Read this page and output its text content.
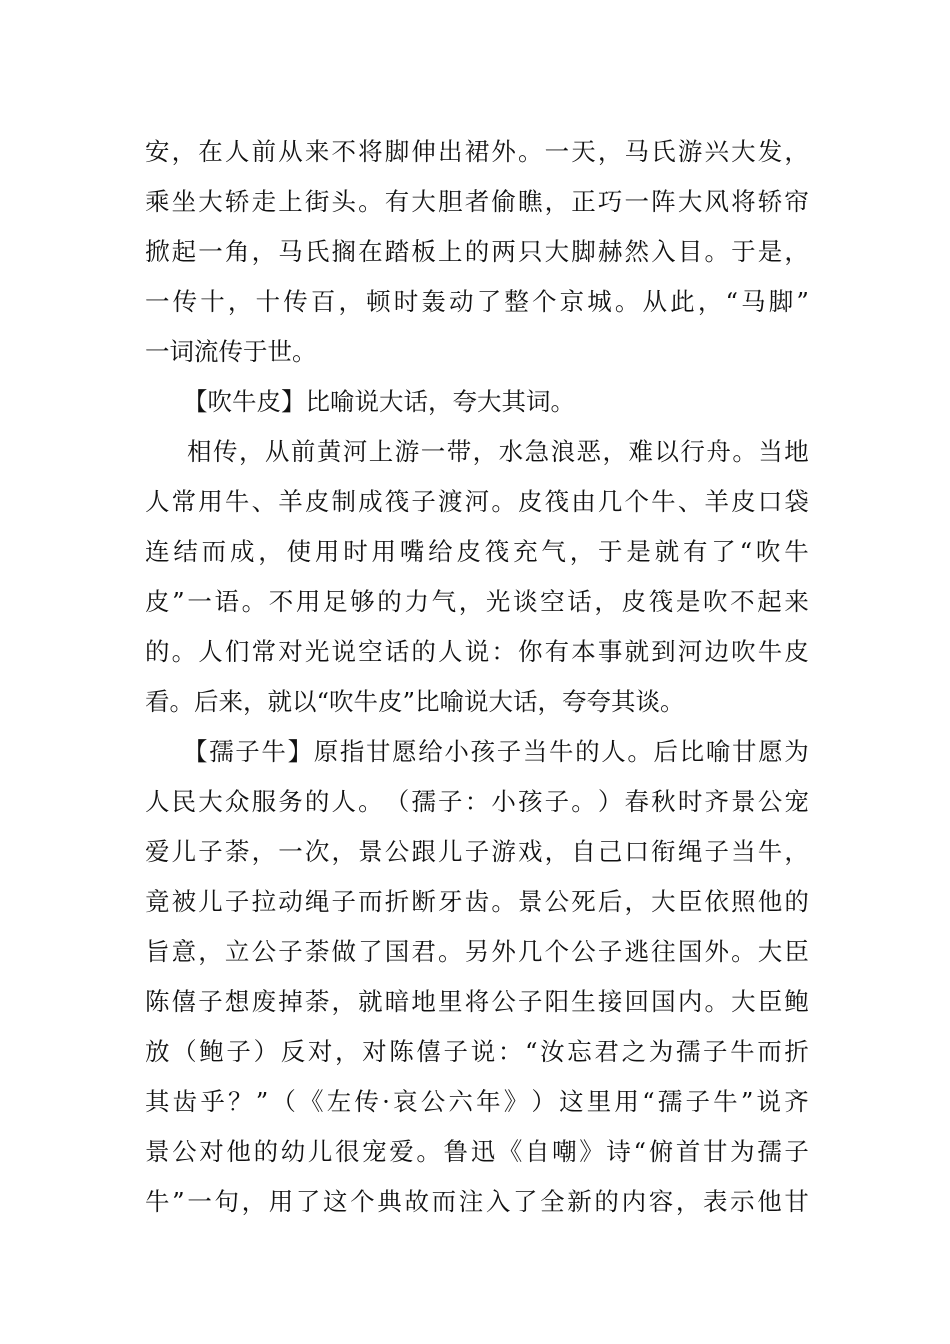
安 ， 在 人 前 从 来 不 将 脚 伸 出 裙 外 。 一 天 ， 马 氏 游 兴 大 发 ，
乘 坐 大 轿 走 上 街 头 。 有 大 胆 者 偷 瞧 ， 正 巧 一 阵 大 风 将 轿 帘
掀 起 一 角 ， 马 氏 搁 在 踏 板 上 的 两 只 大 脚 赫 然 入 目 。 于 是 ，
一 传 十 ， 十 传 百 ， 顿 时 轰 动 了 整 个 京 城 。 从 此 ， “ 马 脚 ”
一词流传于世。
【吹牛皮】比喻说大话，夸大其词。
相 传 ， 从 前 黄 河 上 游 一 带 ， 水 急 浪 恶 ， 难 以 行 舟 。 当 地
人 常 用 牛 、 羊 皮 制 成 筏 子 渡 河 。 皮 筏 由 几 个 牛 、 羊 皮 口 袋
连 结 而 成 ， 使 用 时 用 嘴 给 皮 筏 充 气 ， 于 是 就 有 了 “ 吹 牛
皮 ” 一 语 。 不 用 足 够 的 力 气 ， 光 谈 空 话 ， 皮 筏 是 吹 不 起 来
的 。 人 们 常 对 光 说 空 话 的 人 说 ： 你 有 本 事 就 到 河 边 吹 牛 皮
看。后来，就以“吹牛皮”比喻说大话，夸夸其谈。
【 孺 子 牛 】 原 指 甘 愿 给 小 孩 子 当 牛 的 人 。 后 比 喻 甘 愿 为
人 民 大 众 服 务 的 人 。 （ 孺 子 ： 小 孩 子 。 ） 春 秋 时 齐 景 公 宠
爱 儿 子 荼 ， 一 次 ， 景 公 跟 儿 子 游 戏 ， 自 己 口 衔 绳 子 当 牛 ，
竟 被 儿 子 拉 动 绳 子 而 折 断 牙 齿 。 景 公 死 后 ， 大 臣 依 照 他 的
旨 意 ， 立 公 子 荼 做 了 国 君 。 另 外 几 个 公 子 逃 往 国 外 。 大 臣
陈 僖 子 想 废 掉 荼 ， 就 暗 地 里 将 公 子 阳 生 接 回 国 内 。 大 臣 鲍
放 （ 鲍 子 ） 反 对 ， 对 陈 僖 子 说 ： “ 汝 忘 君 之 为 孺 子 牛 而 折
其 齿 乎 ？ ” （ 《 左 传 · 哀 公 六 年 》 ） 这 里 用 “ 孺 子 牛 ” 说 齐
景 公 对 他 的 幼 儿 很 宠 爱 。 鲁 迅 《 自 嘲 》 诗 “ 俯 首 甘 为 孺 子
牛 ” 一 句 ， 用 了 这 个 典 故 而 注 入 了 全 新 的 内 容 ， 表 示 他 甘
